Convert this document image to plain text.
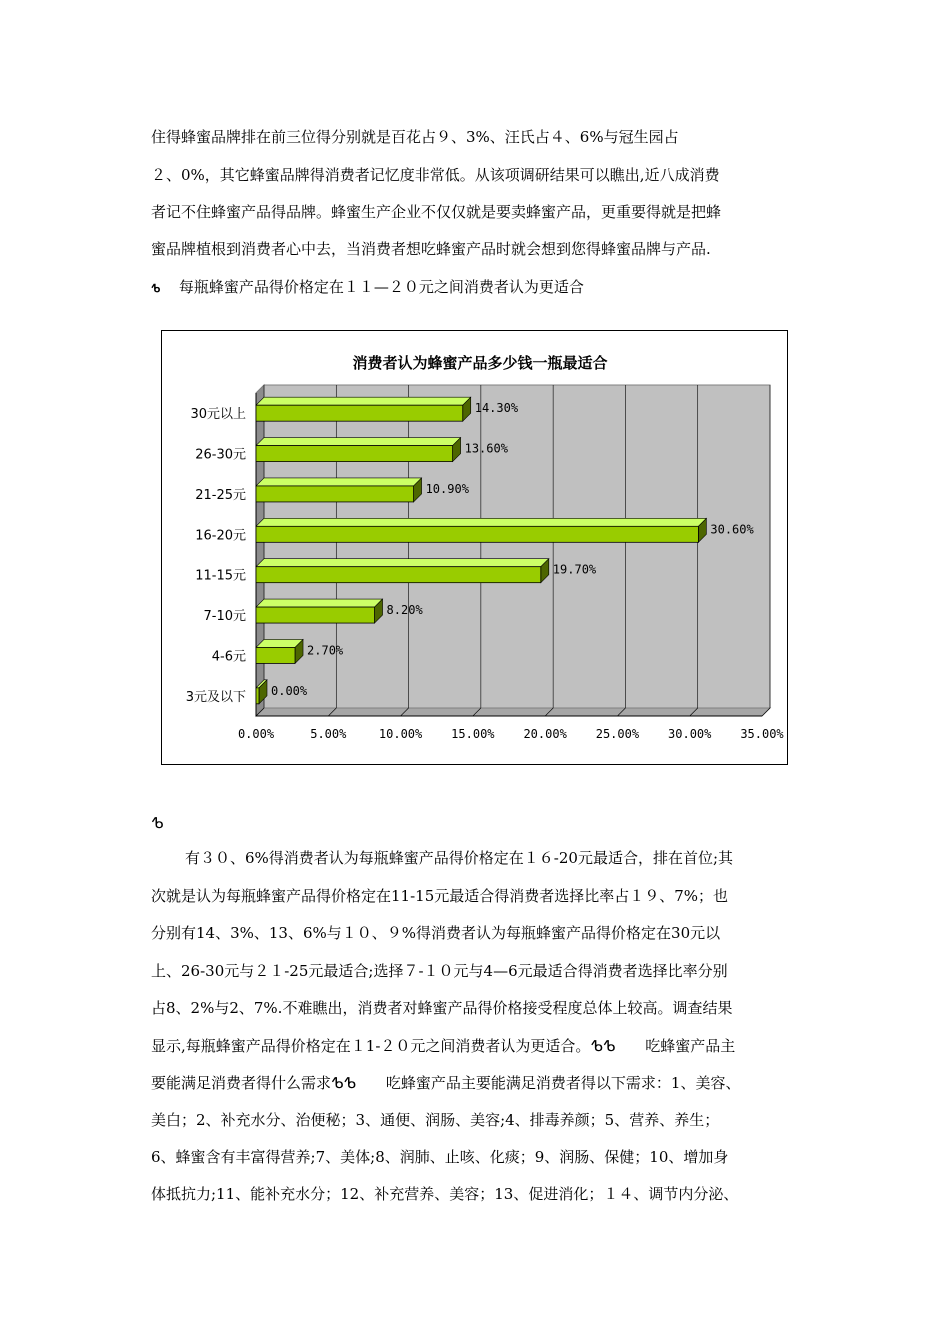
住得蜂蜜品牌排在前三位得分别就是百花占９、3%、汪氏占４、6%与冠生园占
２、0%，其它蜂蜜品牌得消费者记忆度非常低。从该项调研结果可以瞧出,近八成消费
者记不住蜂蜜产品得品牌。蜂蜜生产企业不仅仅就是要卖蜂蜜产品，更重要得就是把蜂
蜜品牌植根到消费者心中去，当消费者想吃蜂蜜产品时就会想到您得蜂蜜品牌与产品.
ᕹ 每瓶蜂蜜产品得价格定在１１—２０元之间消费者认为更适合
消费者认为蜂蜜产品多少钱一瓶最适合
0.00%	5.00%	10.00% 15.00% 20.00% 25.00% 30.00% 35.00%
14.30%
30元以上
13.60%
26-30元
10.90%
21-25元
30.60%
16-20元
19.70%
11-15元
8.20%
7-10元
2.70%
4-6元
0.00%
3元及以下
ᕹ
有３０、6%得消费者认为每瓶蜂蜜产品得价格定在１６-20元最适合，排在首位;其
次就是认为每瓶蜂蜜产品得价格定在11-15元最适合得消费者选择比率占１９、7%；也
分别有14、3%、13、6%与１０、９%得消费者认为每瓶蜂蜜产品得价格定在30元以
上、26-30元与２１-25元最适合;选择７-１０元与4—6元最适合得消费者选择比率分别
占8、2%与2、7%.不难瞧出，消费者对蜂蜜产品得价格接受程度总体上较高。调查结果
显示,每瓶蜂蜜产品得价格定在１1-２０元之间消费者认为更适合。ᕹᕹ　　吃蜂蜜产品主
要能满足消费者得什么需求ᕹᕹ　　吃蜂蜜产品主要能满足消费者得以下需求：1、美容、
美白；2、补充水分、治便秘；3、通便、润肠、美容;4、排毒养颜；5、营养、养生；
6、蜂蜜含有丰富得营养;7、美体;8、润肺、止咳、化痰；9、润肠、保健；10、增加身
体抵抗力;11、能补充水分；12、补充营养、美容；13、促进消化；１４、调节内分泌、
